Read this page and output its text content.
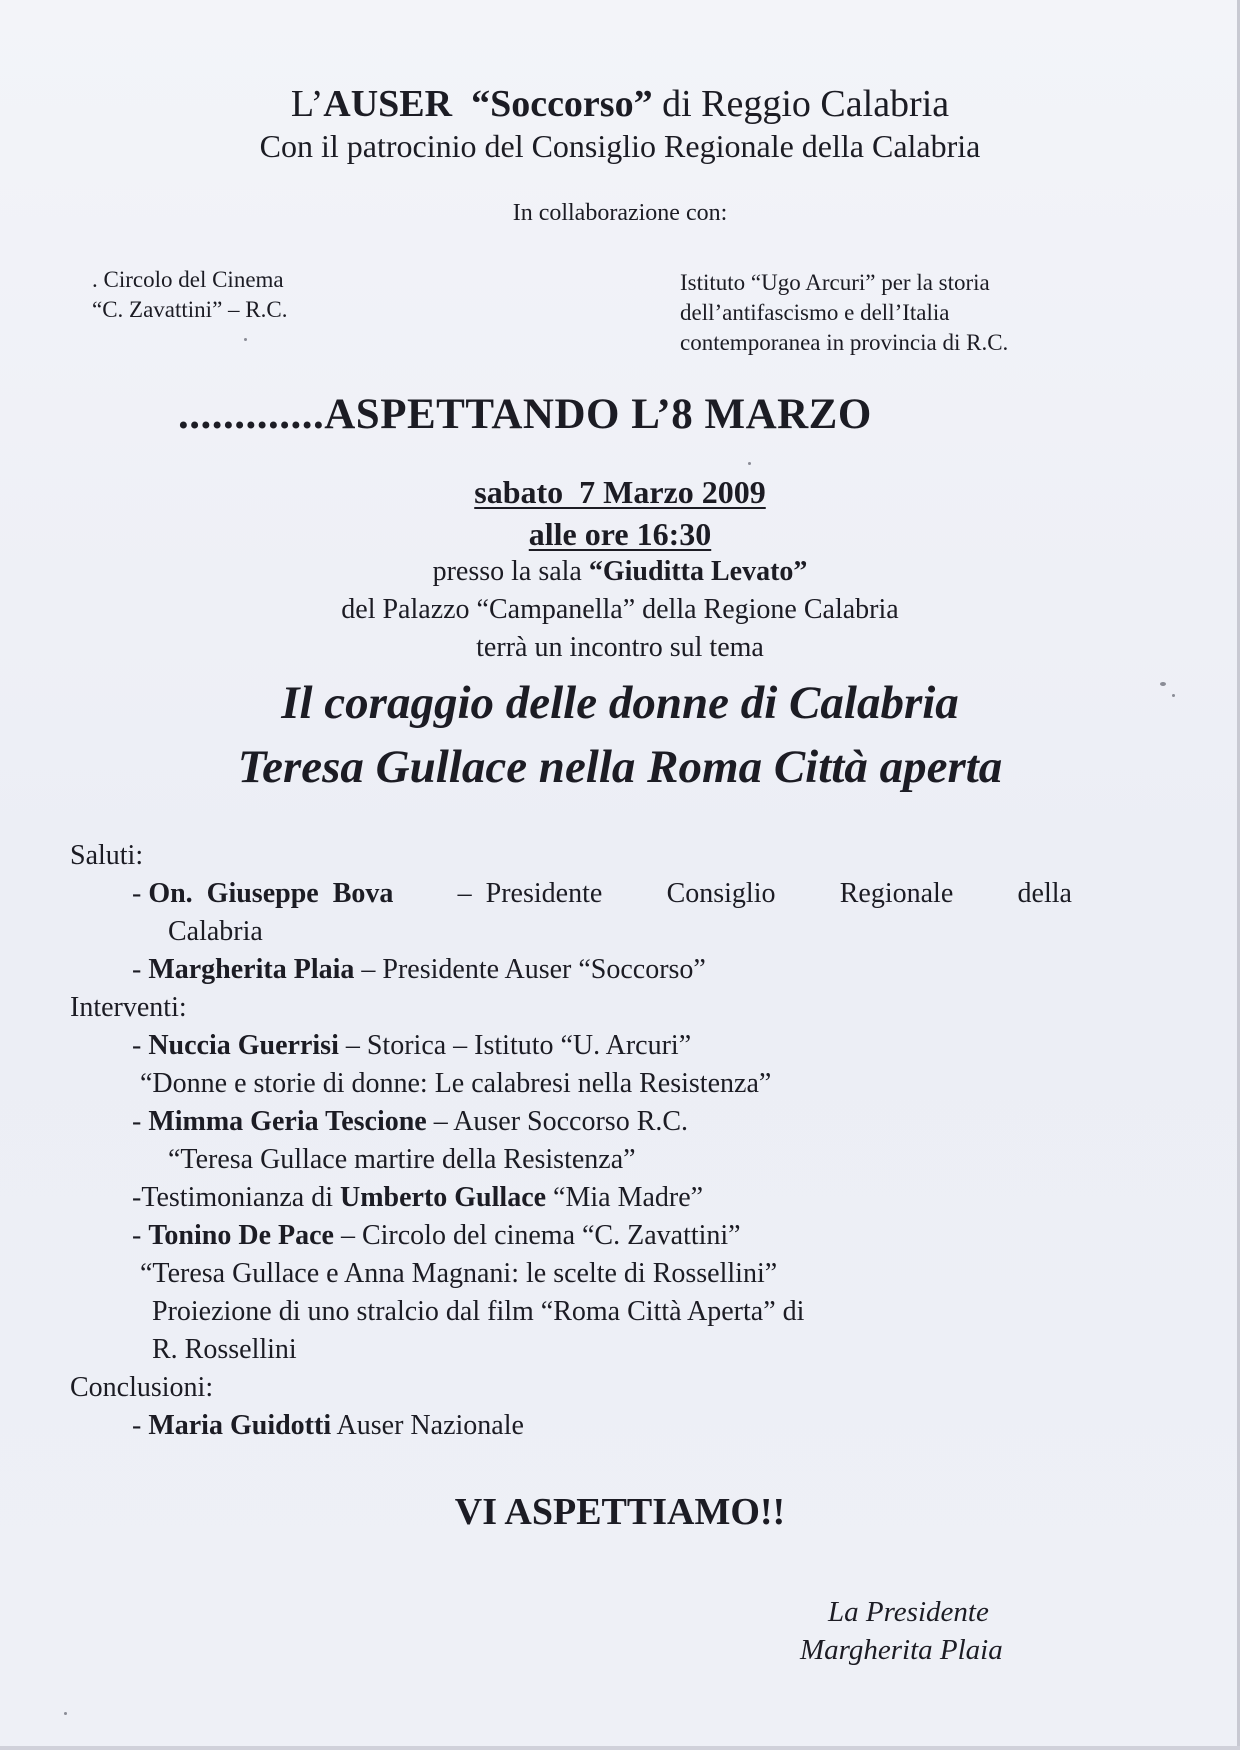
L’AUSER “Soccorso” di Reggio Calabria
Con il patrocinio del Consiglio Regionale della Calabria
In collaborazione con:
. Circolo del Cinema
“C. Zavattini” – R.C.
Istituto “Ugo Arcuri” per la storia
dell’antifascismo e dell’Italia
contemporanea in provincia di R.C.
.............ASPETTANDO L’8 MARZO
sabato  7 Marzo 2009
alle ore 16:30
presso la sala “Giuditta Levato”
del Palazzo “Campanella” della Regione Calabria
terrà un incontro sul tema
Il coraggio delle donne di Calabria
Teresa Gullace nella Roma Città aperta
Saluti:
- On.  Giuseppe  Bova –  Presidente Consiglio Regionale della
Calabria
- Margherita Plaia – Presidente Auser “Soccorso”
Interventi:
- Nuccia Guerrisi – Storica – Istituto “U. Arcuri”
“Donne e storie di donne: Le calabresi nella Resistenza”
- Mimma Geria Tescione – Auser Soccorso R.C.
“Teresa Gullace martire della Resistenza”
-Testimonianza di Umberto Gullace “Mia Madre”
- Tonino De Pace – Circolo del cinema “C. Zavattini”
“Teresa Gullace e Anna Magnani: le scelte di Rossellini”
Proiezione di uno stralcio dal film “Roma Città Aperta” di
R. Rossellini
Conclusioni:
- Maria Guidotti Auser Nazionale
VI ASPETTIAMO!!
La Presidente
Margherita Plaia
